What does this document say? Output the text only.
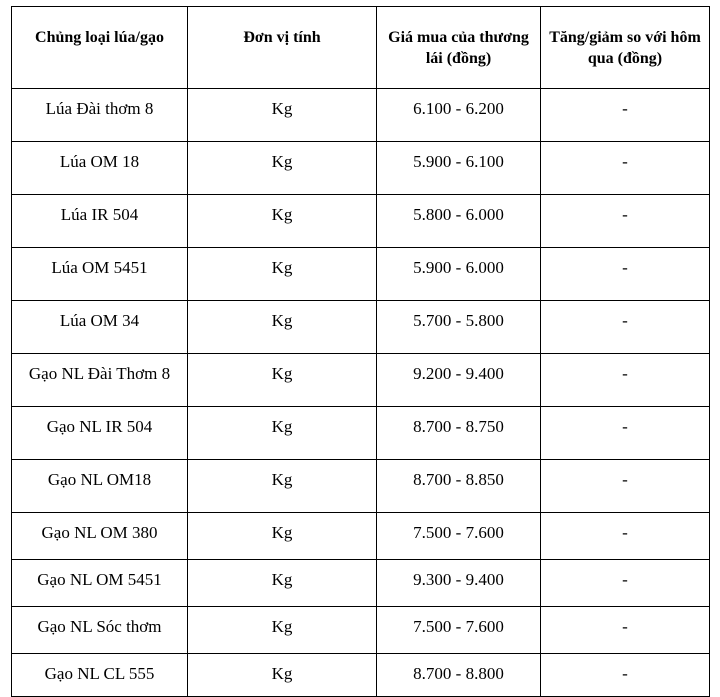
Chủng loại lúa/gạo	Đơn vị tính	Giá mua của thương lái (đồng)	Tăng/giảm so với hôm qua (đồng)
Lúa Đài thơm 8	Kg	6.100 - 6.200	-
Lúa OM 18	Kg	5.900 - 6.100	-
Lúa IR 504	Kg	5.800 - 6.000	-
Lúa OM 5451	Kg	5.900 - 6.000	-
Lúa OM 34	Kg	5.700 - 5.800	-
Gạo NL Đài Thơm 8	Kg	9.200 - 9.400	-
Gạo NL IR 504	Kg	8.700 - 8.750	-
Gạo NL OM18	Kg	8.700 - 8.850	-
Gạo NL OM 380	Kg	7.500 - 7.600	-
Gạo NL OM 5451	Kg	9.300 - 9.400	-
Gạo NL Sóc thơm	Kg	7.500 - 7.600	-
Gạo NL CL 555	Kg	8.700 - 8.800	-
